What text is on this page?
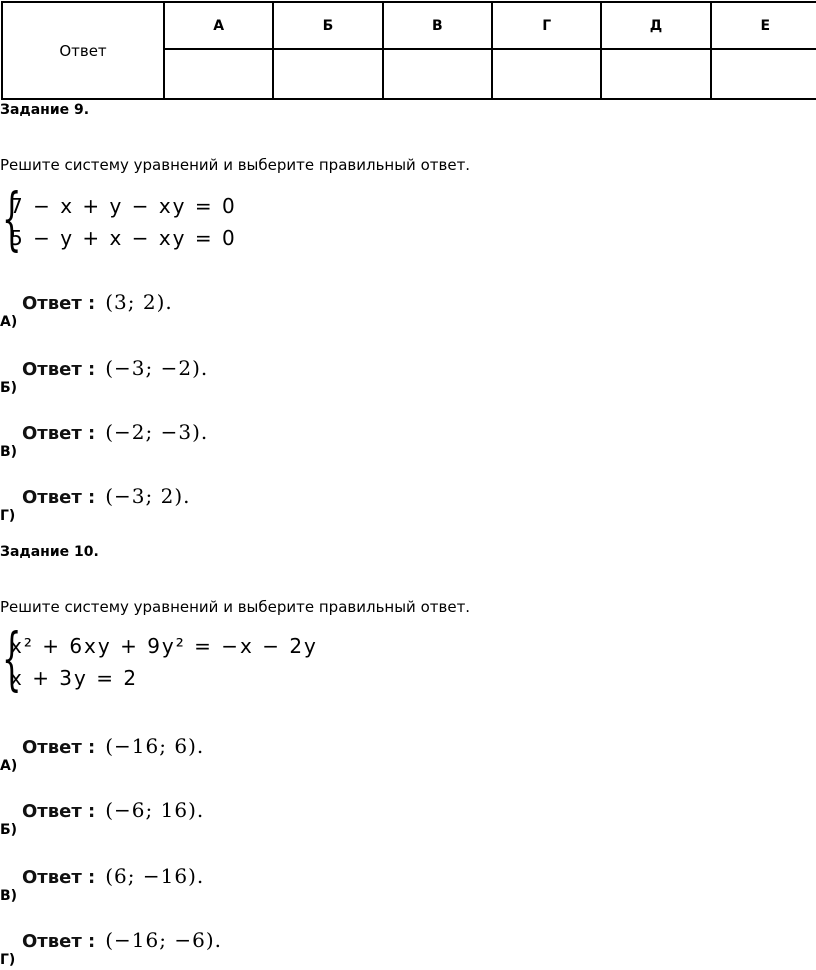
Ответ	А	Б	В	Г	Д	Е

Задание 9.
Решите систему уравнений и выберите правильный ответ.
{
7 − x + y − xy = 0
5 − y + x − xy = 0
А)
Ответ : (3; 2).
Б)
Ответ : (−3; −2).
В)
Ответ : (−2; −3).
Г)
Ответ : (−3; 2).
Задание 10.
Решите систему уравнений и выберите правильный ответ.
{
x² + 6xy + 9y² = −x − 2y
x + 3y = 2
А)
Ответ : (−16; 6).
Б)
Ответ : (−6; 16).
В)
Ответ : (6; −16).
Г)
Ответ : (−16; −6).
